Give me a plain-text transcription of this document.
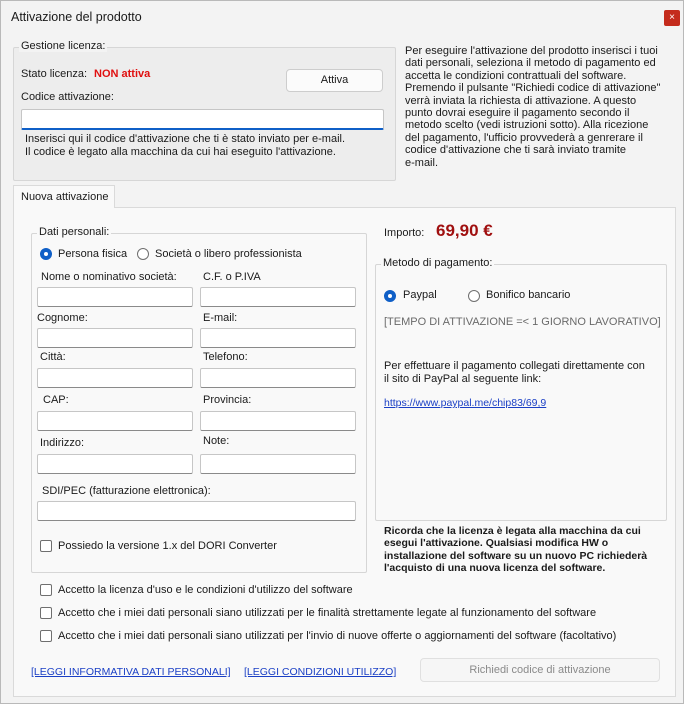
Attivazione del prodotto	×
Gestione licenza:
Stato licenza: NON attiva	Attiva
Codice attivazione:
Inserisci qui il codice d'attivazione che ti è stato inviato per e-mail.
Il codice è legato alla macchina da cui hai eseguito l'attivazione.
Per eseguire l'attivazione del prodotto inserisci i tuoi
dati personali, seleziona il metodo di pagamento ed
accetta le condizioni contrattuali del software.
Premendo il pulsante "Richiedi codice di attivazione"
verrà inviata la richiesta di attivazione. A questo
punto dovrai eseguire il pagamento secondo il
metodo scelto (vedi istruzioni sotto). Alla ricezione
del pagamento, l'ufficio provvederà a genrerare il
codice d'attivazione che ti sarà inviato tramite
e-mail.
Nuova attivazione
Dati personali:
Persona fisica	Società o libero professionista
Nome o nominativo società: C.F. o P.IVA
Cognome:	E-mail:
Città:	Telefono:
CAP:	Provincia:
Indirizzo:	Note:
SDI/PEC (fatturazione elettronica):
Possiedo la versione 1.x del DORI Converter
Importo: 69,90 €
Metodo di pagamento:
Paypal	Bonifico bancario
[TEMPO DI ATTIVAZIONE =< 1 GIORNO LAVORATIVO]
Per effettuare il pagamento collegati direttamente con
il sito di PayPal al seguente link:
https://www.paypal.me/chip83/69,9
Ricorda che la licenza è legata alla macchina da cui
esegui l'attivazione. Qualsiasi modifica HW o
installazione del software su un nuovo PC richiederà
l'acquisto di una nuova licenza del software.
Accetto la licenza d'uso e le condizioni d'utilizzo del software
Accetto che i miei dati personali siano utilizzati per le finalità strettamente legate al funzionamento del software
Accetto che i miei dati personali siano utilizzati per l'invio di nuove offerte o aggiornamenti del software (facoltativo)
[LEGGI INFORMATIVA DATI PERSONALI] [LEGGI CONDIZIONI UTILIZZO]	Richiedi codice di attivazione
